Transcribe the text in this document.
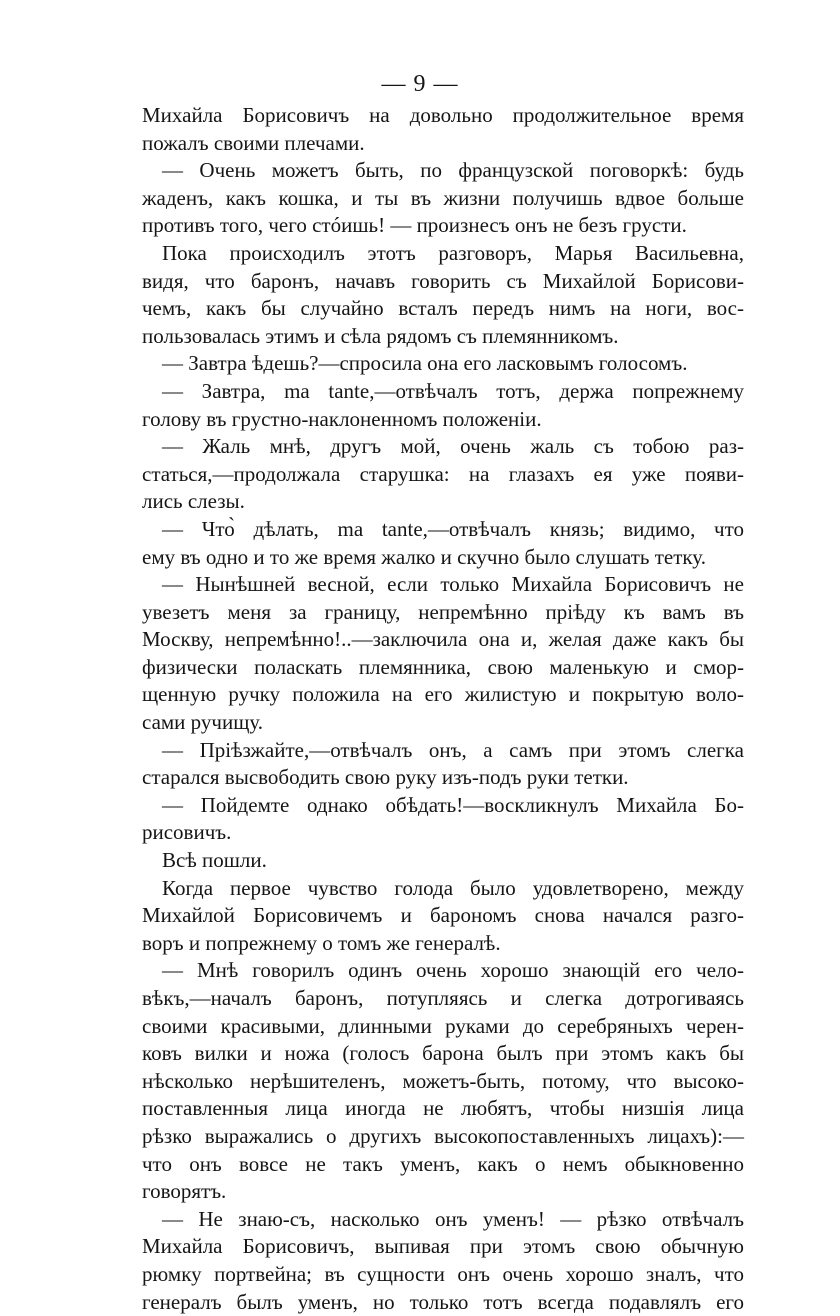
— 9 —
Михайла Борисовичъ на довольно продолжительное время
пожалъ своими плечами.
— Очень можетъ быть, по французской поговоркѣ: будь
жаденъ, какъ кошка, и ты въ жизни получишь вдвое больше
противъ того, чего стóишь! — произнесъ онъ не безъ грусти.
Пока происходилъ этотъ разговоръ, Марья Васильевна,
видя, что баронъ, начавъ говорить съ Михайлой Борисови-
чемъ, какъ бы случайно всталъ передъ нимъ на ноги, вос-
пользовалась этимъ и сѣла рядомъ съ племянникомъ.
— Завтра ѣдешь?—спросила она его ласковымъ голосомъ.
— Завтра, ma tante,—отвѣчалъ тотъ, держа попрежнему
голову въ грустно-наклоненномъ положеніи.
— Жаль мнѣ, другъ мой, очень жаль съ тобою раз-
статься,—продолжала старушка: на глазахъ ея уже появи-
лись слезы.
— Что̀ дѣлать, ma tante,—отвѣчалъ князь; видимо, что
ему въ одно и то же время жалко и скучно было слушать тетку.
— Нынѣшней весной, если только Михайла Борисовичъ не
увезетъ меня за границу, непремѣнно пріѣду къ вамъ въ
Москву, непремѣнно!..—заключила она и, желая даже какъ бы
физически поласкать племянника, свою маленькую и смор-
щенную ручку положила на его жилистую и покрытую воло-
сами ручищу.
— Пріѣзжайте,—отвѣчалъ онъ, а самъ при этомъ слегка
старался высвободить свою руку изъ-подъ руки тетки.
— Пойдемте однако обѣдать!—воскликнулъ Михайла Бо-
рисовичъ.
Всѣ пошли.
Когда первое чувство голода было удовлетворено, между
Михайлой Борисовичемъ и барономъ снова начался разго-
воръ и попрежнему о томъ же генералѣ.
— Мнѣ говорилъ одинъ очень хорошо знающій его чело-
вѣкъ,—началъ баронъ, потупляясь и слегка дотрогиваясь
своими красивыми, длинными руками до серебряныхъ черен-
ковъ вилки и ножа (голосъ барона былъ при этомъ какъ бы
нѣсколько нерѣшителенъ, можетъ-быть, потому, что высоко-
поставленныя лица иногда не любятъ, чтобы низшія лица
рѣзко выражались о другихъ высокопоставленныхъ лицахъ):—
что онъ вовсе не такъ уменъ, какъ о немъ обыкновенно
говорятъ.
— Не знаю-съ, насколько онъ уменъ! — рѣзко отвѣчалъ
Михайла Борисовичъ, выпивая при этомъ свою обычную
рюмку портвейна; въ сущности онъ очень хорошо зналъ, что
генералъ былъ уменъ, но только тотъ всегда подавлялъ его
